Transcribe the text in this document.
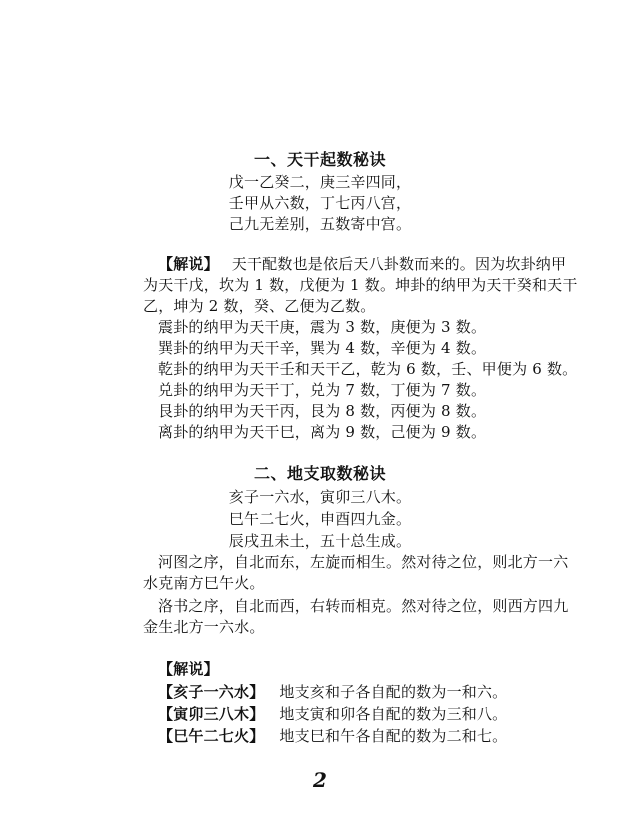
一、天干起数秘诀
戊一乙癸二，庚三辛四同，
壬甲从六数，丁七丙八宫，
己九无差别，五数寄中宫。
【解说】 天干配数也是依后天八卦数而来的。因为坎卦纳甲
为天干戊，坎为 1 数，戊便为 1 数。坤卦的纳甲为天干癸和天干
乙，坤为 2 数，癸、乙便为乙数。
震卦的纳甲为天干庚，震为 3 数，庚便为 3 数。
巽卦的纳甲为天干辛，巽为 4 数，辛便为 4 数。
乾卦的纳甲为天干壬和天干乙，乾为 6 数，壬、甲便为 6 数。
兑卦的纳甲为天干丁，兑为 7 数，丁便为 7 数。
艮卦的纳甲为天干丙，艮为 8 数，丙便为 8 数。
离卦的纳甲为天干巳，离为 9 数，己便为 9 数。
二、地支取数秘诀
亥子一六水，寅卯三八木。
巳午二七火，申酉四九金。
辰戌丑未土，五十总生成。
河图之序，自北而东，左旋而相生。然对待之位，则北方一六
水克南方巳午火。
洛书之序，自北而西，右转而相克。然对待之位，则西方四九
金生北方一六水。
【解说】
【亥子一六水】 地支亥和子各自配的数为一和六。
【寅卯三八木】 地支寅和卯各自配的数为三和八。
【巳午二七火】 地支巳和午各自配的数为二和七。
2
